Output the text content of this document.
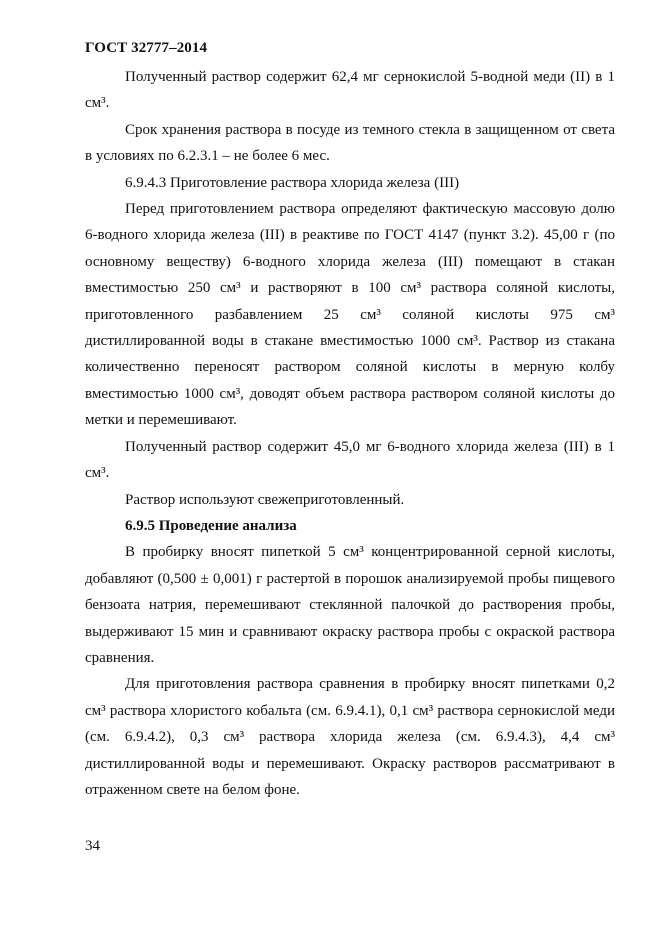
ГОСТ 32777–2014

Полученный раствор содержит 62,4 мг сернокислой 5-водной меди (II) в 1 см³.

Срок хранения раствора в посуде из темного стекла в защищенном от света в условиях по 6.2.3.1 – не более 6 мес.

6.9.4.3 Приготовление раствора хлорида железа (III)

Перед приготовлением раствора определяют фактическую массовую долю 6-водного хлорида железа (III) в реактиве по ГОСТ 4147 (пункт 3.2). 45,00 г (по основному веществу) 6-водного хлорида железа (III) помещают в стакан вместимостью 250 см³ и растворяют в 100 см³ раствора соляной кислоты, приготовленного разбавлением 25 см³ соляной кислоты 975 см³ дистиллированной воды в стакане вместимостью 1000 см³. Раствор из стакана количественно переносят раствором соляной кислоты в мерную колбу вместимостью 1000 см³, доводят объем раствора раствором соляной кислоты до метки и перемешивают.

Полученный раствор содержит 45,0 мг 6-водного хлорида железа (III) в 1 см³.

Раствор используют свежеприготовленный.

6.9.5 Проведение анализа

В пробирку вносят пипеткой 5 см³ концентрированной серной кислоты, добавляют (0,500 ± 0,001) г растертой в порошок анализируемой пробы пищевого бензоата натрия, перемешивают стеклянной палочкой до растворения пробы, выдерживают 15 мин и сравнивают окраску раствора пробы с окраской раствора сравнения.

Для приготовления раствора сравнения в пробирку вносят пипетками 0,2 см³ раствора хлористого кобальта (см. 6.9.4.1), 0,1 см³ раствора сернокислой меди (см. 6.9.4.2), 0,3 см³ раствора хлорида железа (см. 6.9.4.3), 4,4 см³ дистиллированной воды и перемешивают. Окраску растворов рассматривают в отраженном свете на белом фоне.

34
